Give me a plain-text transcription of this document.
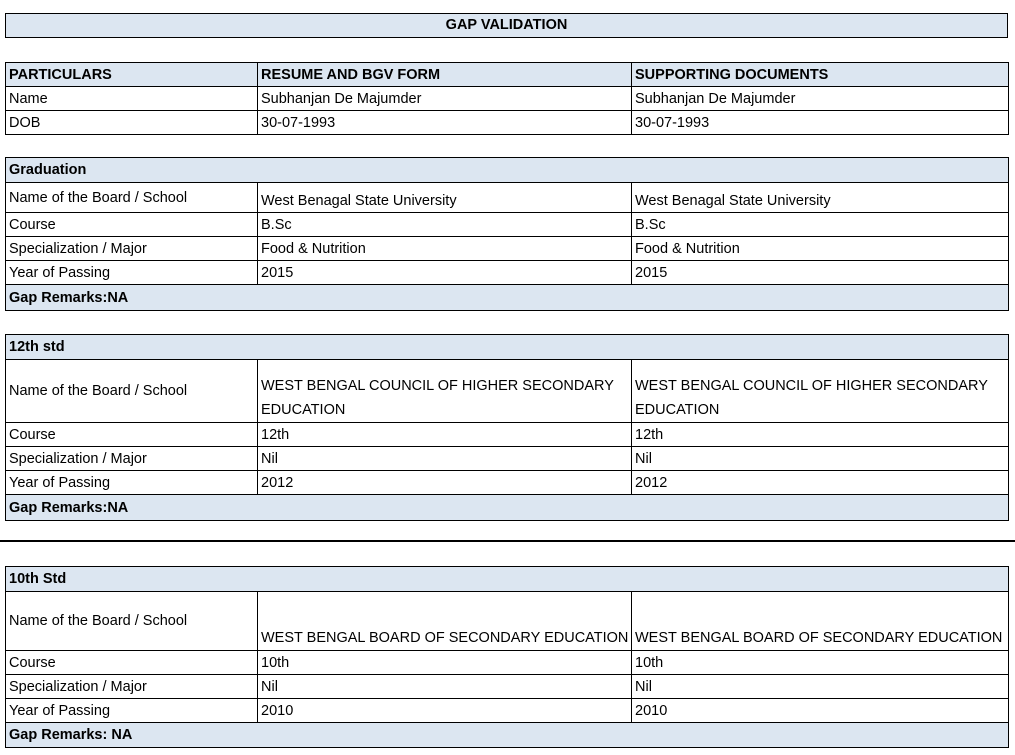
GAP VALIDATION
PARTICULARS	RESUME AND BGV FORM	SUPPORTING DOCUMENTS
Name	Subhanjan De Majumder	Subhanjan De Majumder
DOB	30-07-1993	30-07-1993
Graduation		
Name of the Board / School	West Benagal State University	West Benagal State University
Course	B.Sc	B.Sc
Specialization / Major	Food & Nutrition	Food & Nutrition
Year of Passing	2015	2015
Gap Remarks:NA		
12th std		
Name of the Board / School	WEST BENGAL COUNCIL OF HIGHER SECONDARY EDUCATION	WEST BENGAL COUNCIL OF HIGHER SECONDARY EDUCATION
Course	12th	12th
Specialization / Major	Nil	Nil
Year of Passing	2012	2012
Gap Remarks:NA		
10th Std		
Name of the Board / School	WEST BENGAL BOARD OF SECONDARY EDUCATION	WEST BENGAL BOARD OF SECONDARY EDUCATION
Course	10th	10th
Specialization / Major	Nil	Nil
Year of Passing	2010	2010
Gap Remarks: NA		
